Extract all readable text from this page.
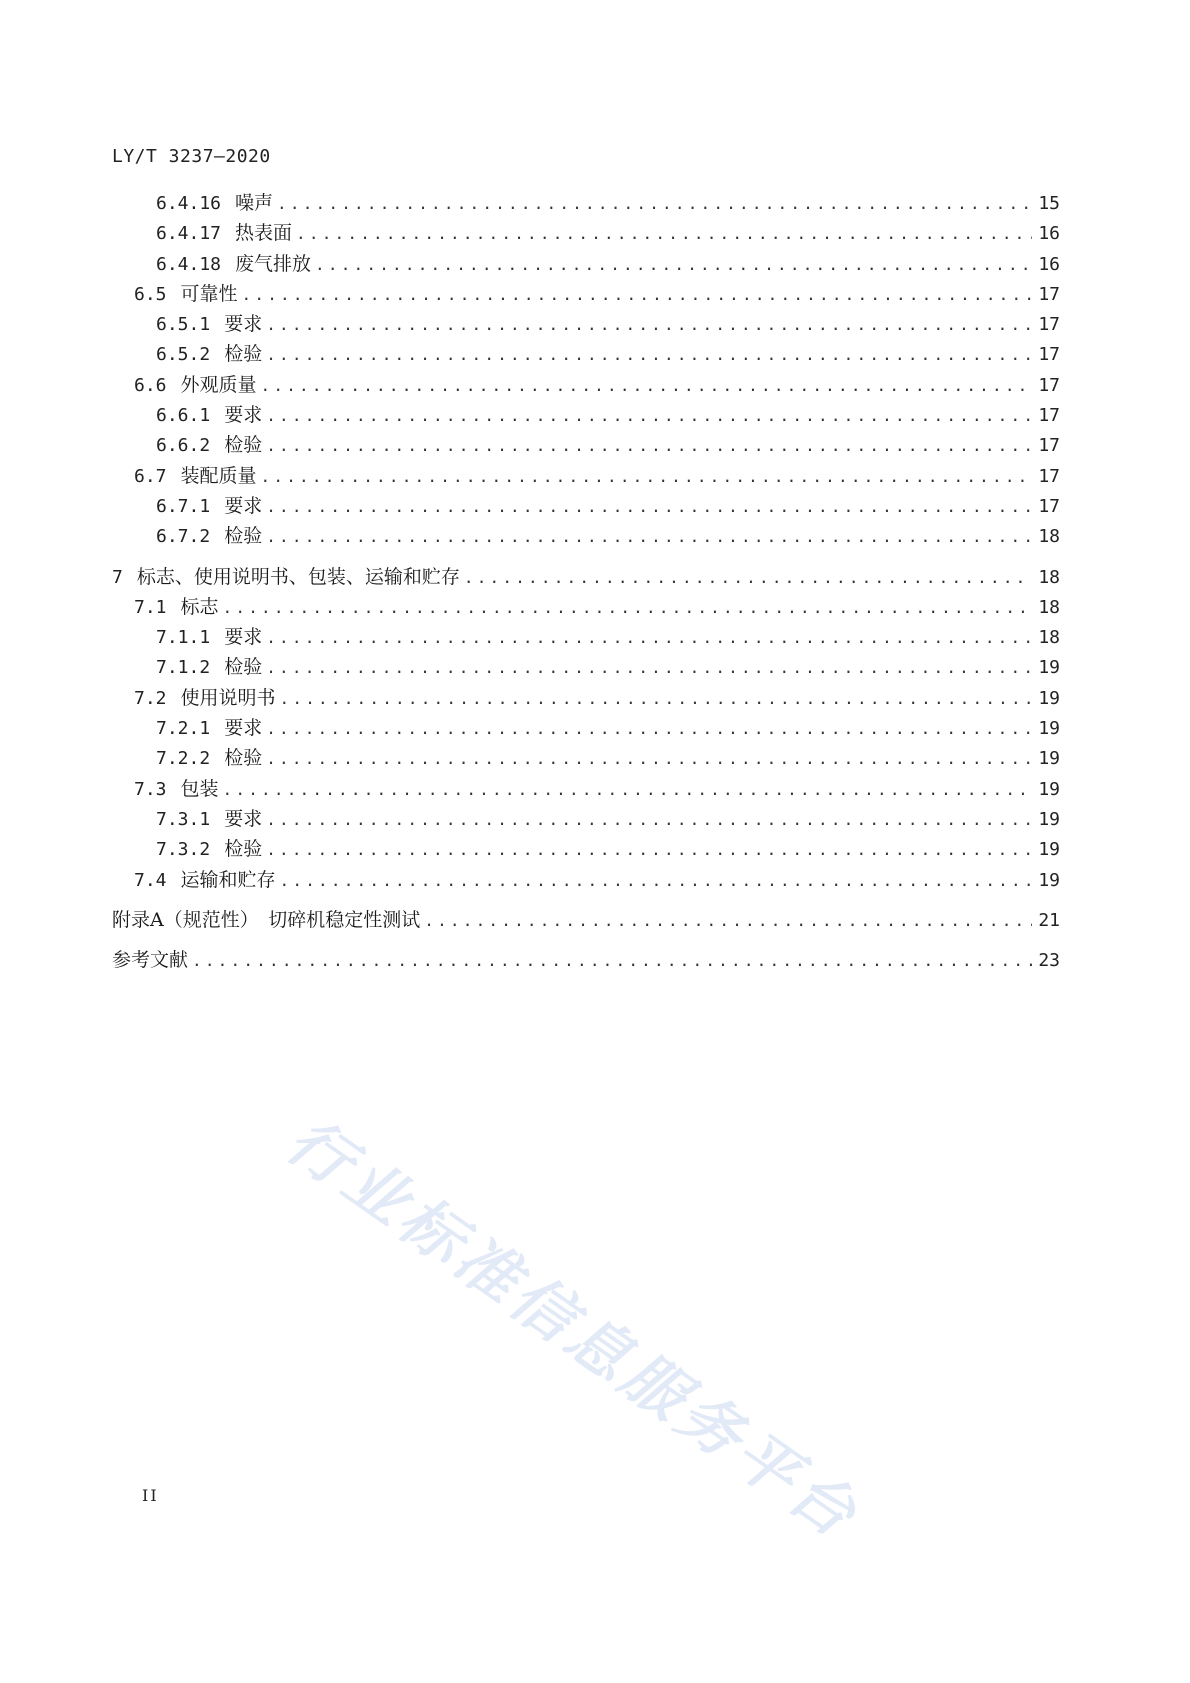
LY/T 3237—2020
6.4.16 噪声 .....	15
6.4.17 热表面 .....	16
6.4.18 废气排放 .....	16
6.5 可靠性 .....	17
6.5.1 要求 .....	17
6.5.2 检验 .....	17
6.6 外观质量 .....	17
6.6.1 要求 .....	17
6.6.2 检验 .....	17
6.7 装配质量 .....	17
6.7.1 要求 .....	17
6.7.2 检验 .....	18
7 标志、使用说明书、包装、运输和贮存 .....	18
7.1 标志 .....	18
7.1.1 要求 .....	18
7.1.2 检验 .....	19
7.2 使用说明书 .....	19
7.2.1 要求 .....	19
7.2.2 检验 .....	19
7.3 包装 .....	19
7.3.1 要求 .....	19
7.3.2 检验 .....	19
7.4 运输和贮存 .....	19
附录A（规范性）　切碎机稳定性测试 .....	21
参考文献 .....	23
行业标准信息服务平台
II
